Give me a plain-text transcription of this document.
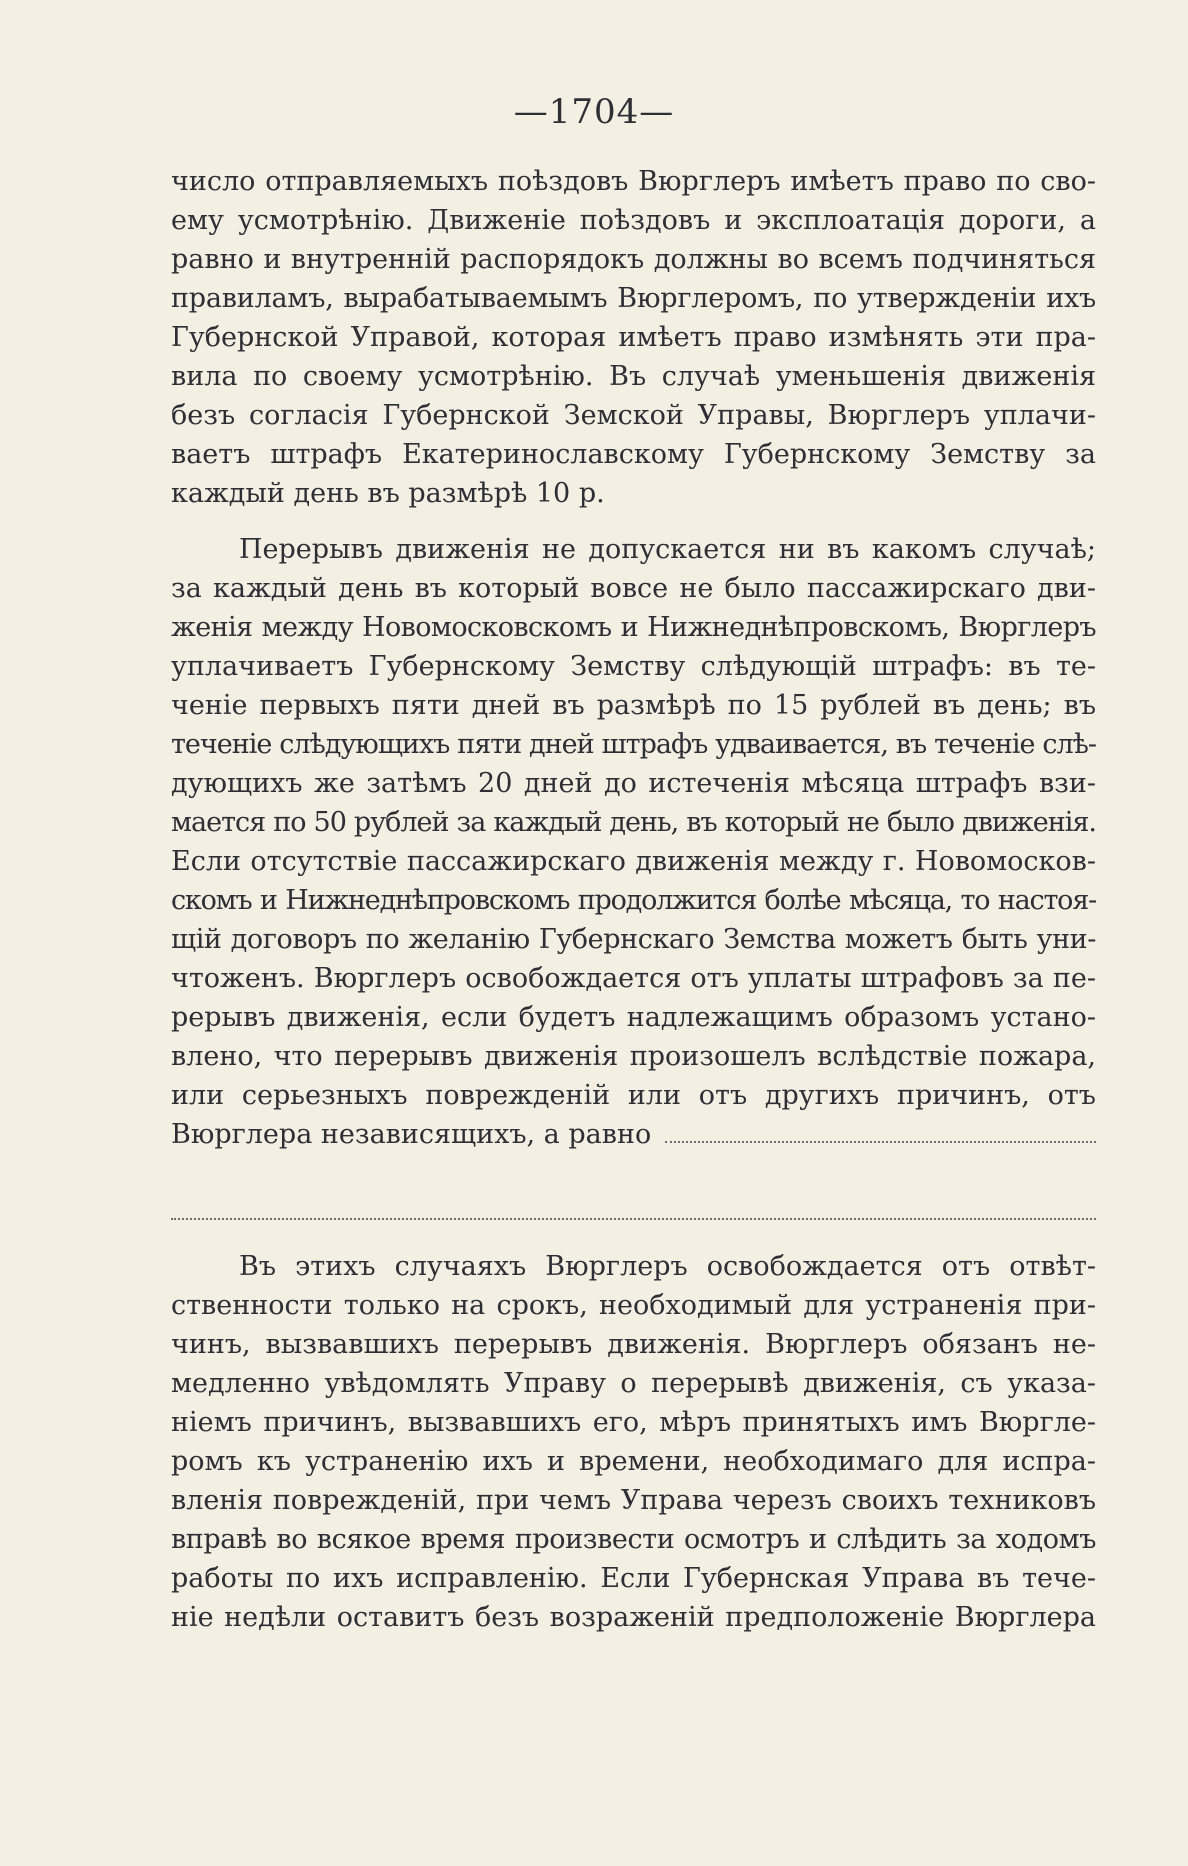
—1704—
число отправляемыхъ поѣздовъ Вюрглеръ имѣетъ право по сво-
ему усмотрѣнію. Движеніе поѣздовъ и эксплоатація дороги, а
равно и внутренній распорядокъ должны во всемъ подчиняться
правиламъ, вырабатываемымъ Вюрглеромъ, по утвержденіи ихъ
Губернской Управой, которая имѣетъ право измѣнять эти пра-
вила по своему усмотрѣнію. Въ случаѣ уменьшенія движенія
безъ согласія Губернской Земской Управы, Вюрглеръ уплачи-
ваетъ штрафъ Екатеринославскому Губернскому Земству за
каждый день въ размѣрѣ 10 р.
Перерывъ движенія не допускается ни въ какомъ случаѣ;
за каждый день въ который вовсе не было пассажирскаго дви-
женія между Новомосковскомъ и Нижнеднѣпровскомъ, Вюрглеръ
уплачиваетъ Губернскому Земству слѣдующій штрафъ: въ те-
ченіе первыхъ пяти дней въ размѣрѣ по 15 рублей въ день; въ
теченіе слѣдующихъ пяти дней штрафъ удваивается, въ теченіе слѣ-
дующихъ же затѣмъ 20 дней до истеченія мѣсяца штрафъ взи-
мается по 50 рублей за каждый день, въ который не было движенія.
Если отсутствіе пассажирскаго движенія между г. Новомосков-
скомъ и Нижнеднѣпровскомъ продолжится болѣе мѣсяца, то настоя-
щій договоръ по желанію Губернскаго Земства можетъ быть уни-
чтоженъ. Вюрглеръ освобождается отъ уплаты штрафовъ за пе-
рерывъ движенія, если будетъ надлежащимъ образомъ устано-
влено, что перерывъ движенія произошелъ вслѣдствіе пожара,
или серьезныхъ поврежденій или отъ другихъ причинъ, отъ
Вюрглера независящихъ, а равно
Въ этихъ случаяхъ Вюрглеръ освобождается отъ отвѣт-
ственности только на срокъ, необходимый для устраненія при-
чинъ, вызвавшихъ перерывъ движенія. Вюрглеръ обязанъ не-
медленно увѣдомлять Управу о перерывѣ движенія, съ указа-
ніемъ причинъ, вызвавшихъ его, мѣръ принятыхъ имъ Вюргле-
ромъ къ устраненію ихъ и времени, необходимаго для испра-
вленія поврежденій, при чемъ Управа черезъ своихъ техниковъ
вправѣ во всякое время произвести осмотръ и слѣдить за ходомъ
работы по ихъ исправленію. Если Губернская Управа въ тече-
ніе недѣли оставитъ безъ возраженій предположеніе Вюрглера
